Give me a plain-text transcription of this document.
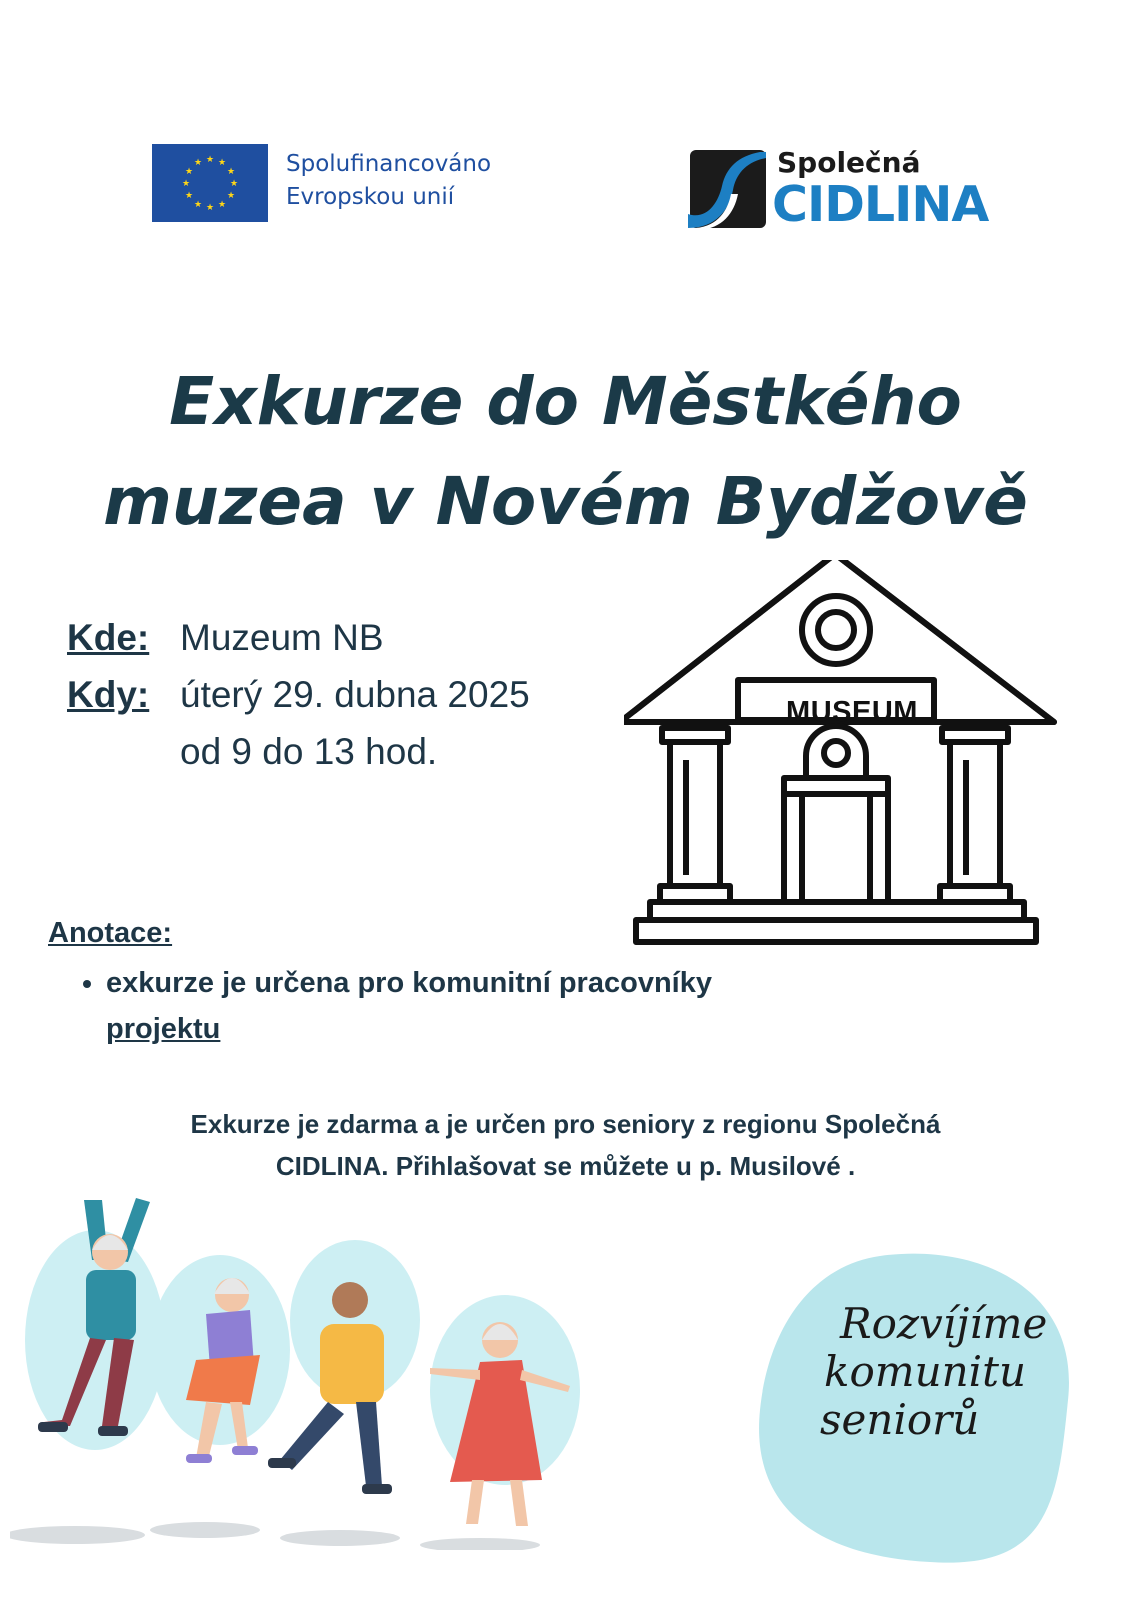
★ ★
★
★
★
★
★
★
★
★
★
★	Spolufinancováno
Evropskou unií
Společná
CIDLINA
Exkurze do Městkého
muzea v Novém Bydžově
Kde: Muzeum NB
Kdy: úterý 29. dubna 2025
od 9 do 13 hod.
MUSEUM
Anotace:
• exkurze je určena pro komunitní pracovníky
projektu

Exkurze je zdarma a je určen pro seniory z regionu Společná
CIDLINA. Přihlašovat se můžete u p. Musilové .

Rozvíjíme
komunitu
seniorů
